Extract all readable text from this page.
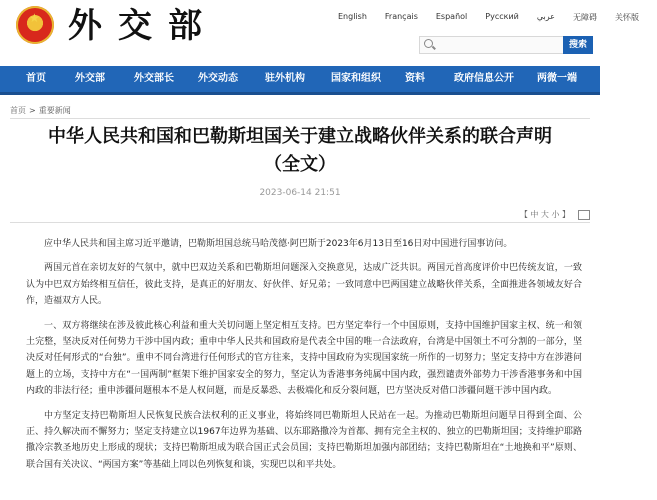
★
外交部	English Français Español Русский عربي 无障碍 关怀版
搜索
首页	外交部	外交部长 外交动态	驻外机构	国家和组织 资料	政府信息公开 两微一端
首页 > 重要新闻
中华人民共和国和巴勒斯坦国关于建立战略伙伴关系的联合声明
（全文）
2023-06-14 21:51
【 中 大 小 】

应中华人民共和国主席习近平邀请，巴勒斯坦国总统马哈茂德·阿巴斯于2023年6月13日至16日对中国进行国事访问。

两国元首在亲切友好的气氛中，就中巴双边关系和巴勒斯坦问题深入交换意见，达成广泛共识。两国元首高度评价中巴传统友谊，一致认为中巴双方始终相互信任，彼此支持，是真正的好朋友、好伙伴、好兄弟；一致同意中巴两国建立战略伙伴关系，全面推进各领域友好合作，造福双方人民。

一、双方将继续在涉及彼此核心利益和重大关切问题上坚定相互支持。巴方坚定奉行一个中国原则，支持中国维护国家主权、统一和领土完整，坚决反对任何势力干涉中国内政；重申中华人民共和国政府是代表全中国的唯一合法政府，台湾是中国领土不可分割的一部分，坚决反对任何形式的“台独”。重申不同台湾进行任何形式的官方往来，支持中国政府为实现国家统一所作的一切努力；坚定支持中方在涉港问题上的立场，支持中方在“一国两制”框架下维护国家安全的努力，坚定认为香港事务纯属中国内政，强烈谴责外部势力干涉香港事务和中国内政的非法行径；重申涉疆问题根本不是人权问题，而是反暴恐、去极端化和反分裂问题，巴方坚决反对借口涉疆问题干涉中国内政。

中方坚定支持巴勒斯坦人民恢复民族合法权利的正义事业，将始终同巴勒斯坦人民站在一起。为推动巴勒斯坦问题早日得到全面、公正、持久解决而不懈努力；坚定支持建立以1967年边界为基础、以东耶路撒冷为首都、拥有完全主权的、独立的巴勒斯坦国；支持维护耶路撒冷宗教圣地历史上形成的现状；支持巴勒斯坦成为联合国正式会员国；支持巴勒斯坦加强内部团结；支持巴勒斯坦在“土地换和平”原则、联合国有关决议、“两国方案”等基础上同以色列恢复和谈，实现巴以和平共处。
